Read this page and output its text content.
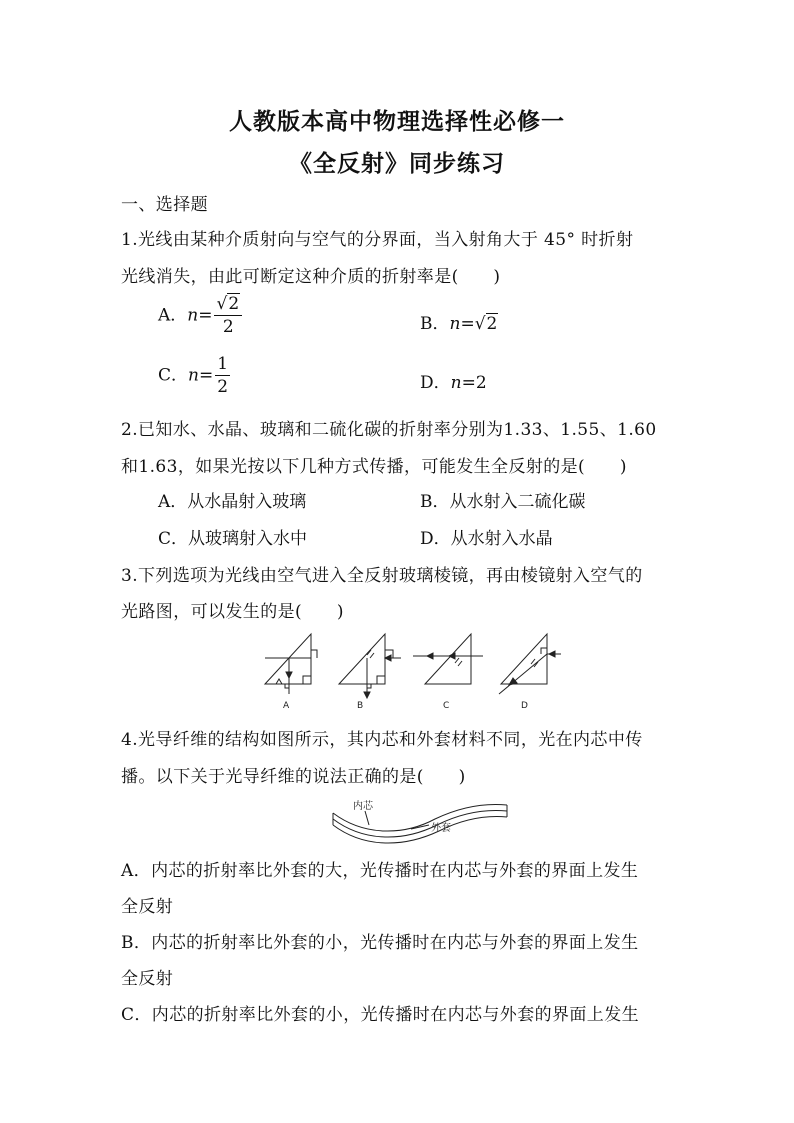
人教版本高中物理选择性必修一
《全反射》同步练习
一、选择题
1.光线由某种介质射向与空气的分界面，当入射角大于 45° 时折射
光线消失，由此可断定这种介质的折射率是(　　)
A．$n= \frac{√2}{2}$	B．n=√2
C．$n= \frac{1}{2}$	D．n=2
2.已知水、水晶、玻璃和二硫化碳的折射率分别为1.33、1.55、1.60
和1.63，如果光按以下几种方式传播，可能发生全反射的是(　　)
A．从水晶射入玻璃	B．从水射入二硫化碳
C．从玻璃射入水中	D．从水射入水晶
3.下列选项为光线由空气进入全反射玻璃棱镜，再由棱镜射入空气的
光路图，可以发生的是(　　)
A	B	C	D
4.光导纤维的结构如图所示，其内芯和外套材料不同，光在内芯中传
播。以下关于光导纤维的说法正确的是(　　)
内芯
外套
A．内芯的折射率比外套的大，光传播时在内芯与外套的界面上发生
全反射
B．内芯的折射率比外套的小，光传播时在内芯与外套的界面上发生
全反射
C．内芯的折射率比外套的小，光传播时在内芯与外套的界面上发生
